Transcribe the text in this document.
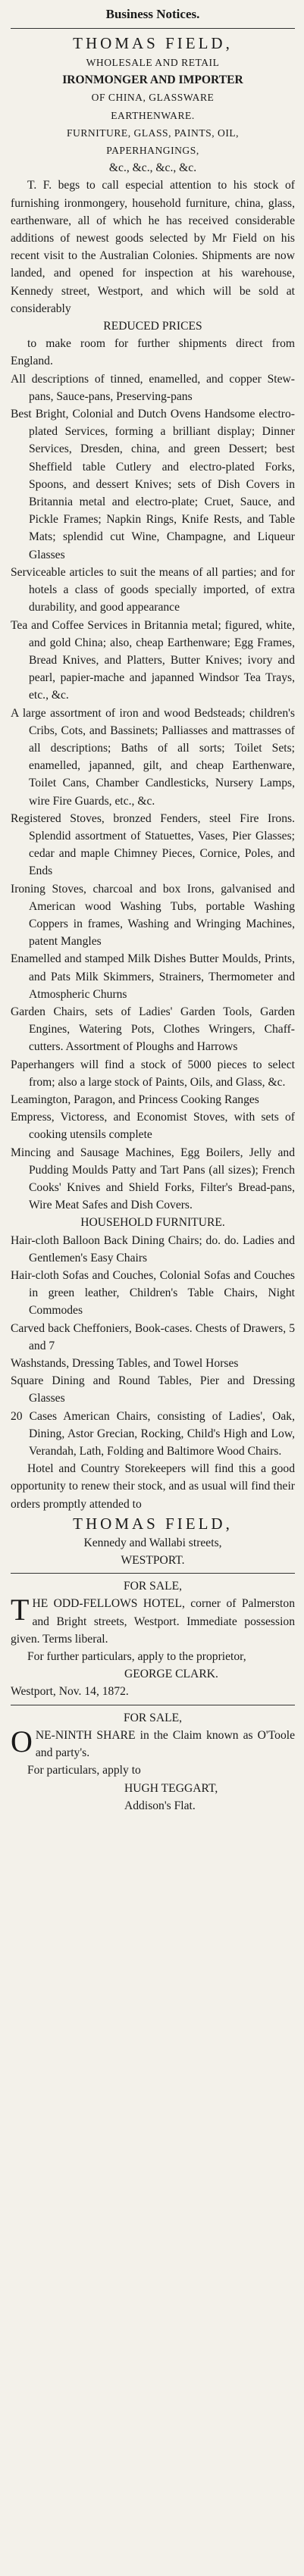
Business Notices.
THOMAS FIELD,
WHOLESALE AND RETAIL
IRONMONGER AND IMPORTER
OF CHINA, GLASSWARE
EARTHENWARE.
FURNITURE, GLASS, PAINTS, OIL,
PAPERHANGINGS,
&c., &c., &c., &c.

T. F. begs to call especial attention to his stock of furnishing ironmongery, household furniture, china, glass, earthenware, all of which he has received considerable additions of newest goods selected by Mr Field on his recent visit to the Australian Colonies. Shipments are now landed, and opened for inspection at his warehouse, Kennedy street, Westport, and which will be sold at considerably

REDUCED PRICES

to make room for further shipments direct from England.

All descriptions of tinned, enamelled, and copper Stew-pans, Sauce-pans, Preserving-pans

Best Bright, Colonial and Dutch Ovens Handsome electro-plated Services, forming a brilliant display; Dinner Services, Dresden, china, and green Dessert; best Sheffield table Cutlery and electro-plated Forks, Spoons, and dessert Knives; sets of Dish Covers in Britannia metal and electro-plate; Cruet, Sauce, and Pickle Frames; Napkin Rings, Knife Rests, and Table Mats; splendid cut Wine, Champagne, and Liqueur Glasses

Serviceable articles to suit the means of all parties; and for hotels a class of goods specially imported, of extra durability, and good appearance

Tea and Coffee Services in Britannia metal; figured, white, and gold China; also, cheap Earthenware; Egg Frames, Bread Knives, and Platters, Butter Knives; ivory and pearl, papier-mache and japanned Windsor Tea Trays, etc., &c.

A large assortment of iron and wood Bedsteads; children's Cribs, Cots, and Bassinets; Palliasses and mattrasses of all descriptions; Baths of all sorts; Toilet Sets; enamelled, japanned, gilt, and cheap Earthenware, Toilet Cans, Chamber Candlesticks, Nursery Lamps, wire Fire Guards, etc., &c.

Registered Stoves, bronzed Fenders, steel Fire Irons. Splendid assortment of Statuettes, Vases, Pier Glasses; cedar and maple Chimney Pieces, Cornice, Poles, and Ends

Ironing Stoves, charcoal and box Irons, galvanised and American wood Washing Tubs, portable Washing Coppers in frames, Washing and Wringing Machines, patent Mangles

Enamelled and stamped Milk Dishes Butter Moulds, Prints, and Pats Milk Skimmers, Strainers, Thermometer and Atmospheric Churns

Garden Chairs, sets of Ladies' Garden Tools, Garden Engines, Watering Pots, Clothes Wringers, Chaff-cutters. Assortment of Ploughs and Harrows

Paperhangers will find a stock of 5000 pieces to select from; also a large stock of Paints, Oils, and Glass, &c.

Leamington, Paragon, and Princess Cooking Ranges

Empress, Victoress, and Economist Stoves, with sets of cooking utensils complete

Mincing and Sausage Machines, Egg Boilers, Jelly and Pudding Moulds Patty and Tart Pans (all sizes); French Cooks' Knives and Shield Forks, Filter's Bread-pans, Wire Meat Safes and Dish Covers.

HOUSEHOLD FURNITURE.

Hair-cloth Balloon Back Dining Chairs; do. do. Ladies and Gentlemen's Easy Chairs

Hair-cloth Sofas and Couches, Colonial Sofas and Couches in green leather, Children's Table Chairs, Night Commodes

Carved back Cheffoniers, Book-cases. Chests of Drawers, 5 and 7

Washstands, Dressing Tables, and Towel Horses

Square Dining and Round Tables, Pier and Dressing Glasses

20 Cases American Chairs, consisting of Ladies', Oak, Dining, Astor Grecian, Rocking, Child's High and Low, Verandah, Lath, Folding and Baltimore Wood Chairs.

Hotel and Country Storekeepers will find this a good opportunity to renew their stock, and as usual will find their orders promptly attended to

THOMAS FIELD,
Kennedy and Wallabi streets,
WESTPORT.
FOR SALE,

T HE ODD-FELLOWS HOTEL, corner of Palmerston and Bright streets, Westport. Immediate possession given. Terms liberal.

For further particulars, apply to the proprietor,

GEORGE CLARK.
Westport, Nov. 14, 1872.
FOR SALE,

O NE-NINTH SHARE in the Claim known as O'Toole and party's.

For particulars, apply to

HUGH TEGGART,
Addison's Flat.
